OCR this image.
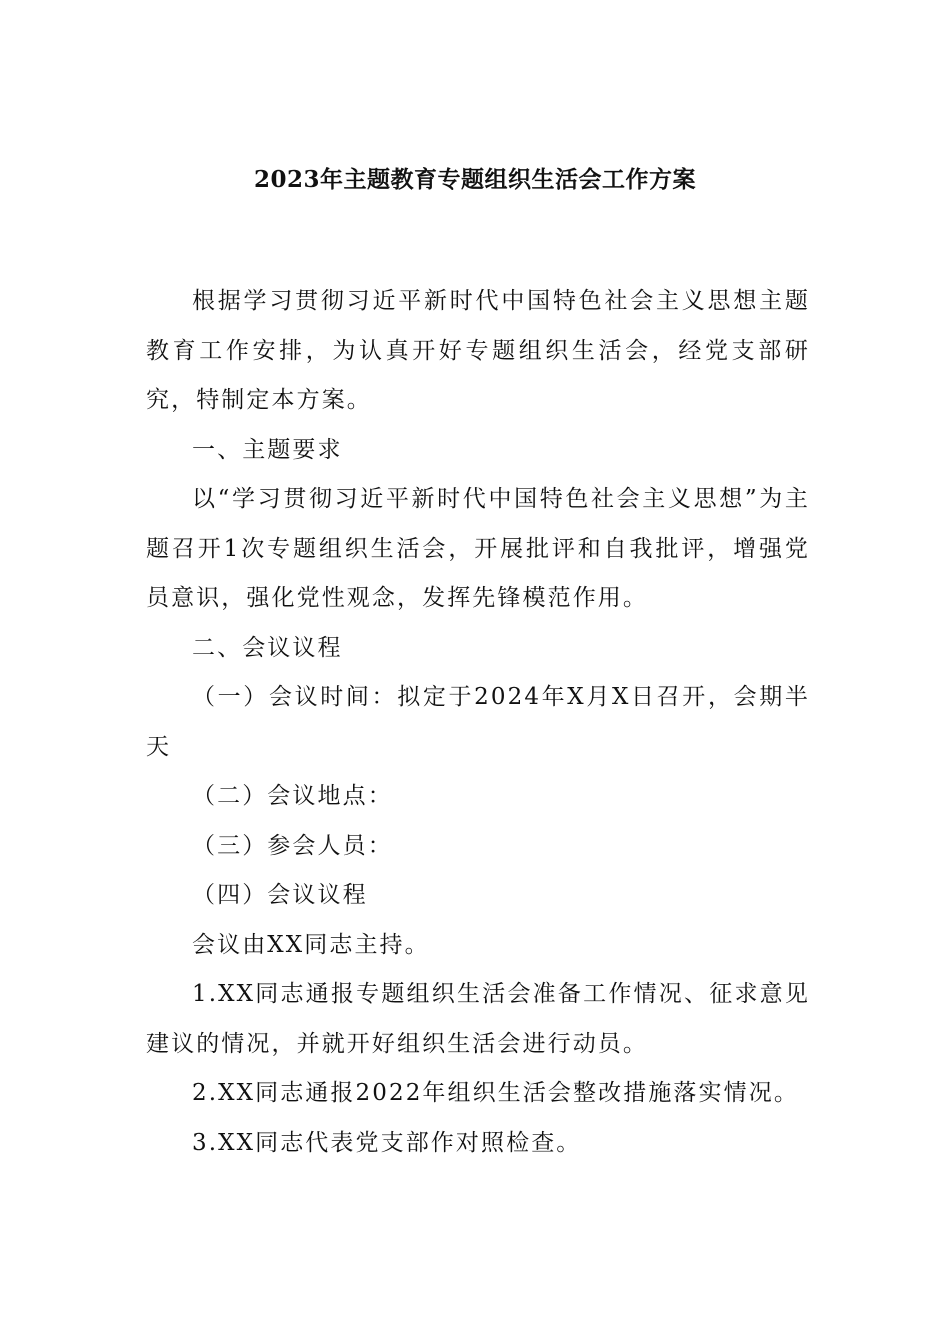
2023年主题教育专题组织生活会工作方案

根据学习贯彻习近平新时代中国特色社会主义思想主题教育工作安排，为认真开好专题组织生活会，经党支部研究，特制定本方案。

一、主题要求

以“学习贯彻习近平新时代中国特色社会主义思想”为主题召开1次专题组织生活会，开展批评和自我批评，增强党员意识，强化党性观念，发挥先锋模范作用。

二、会议议程

（一）会议时间：拟定于2024年X月X日召开，会期半天

（二）会议地点：

（三）参会人员：

（四）会议议程

会议由XX同志主持。

1.XX同志通报专题组织生活会准备工作情况、征求意见建议的情况，并就开好组织生活会进行动员。

2.XX同志通报2022年组织生活会整改措施落实情况。

3.XX同志代表党支部作对照检查。
